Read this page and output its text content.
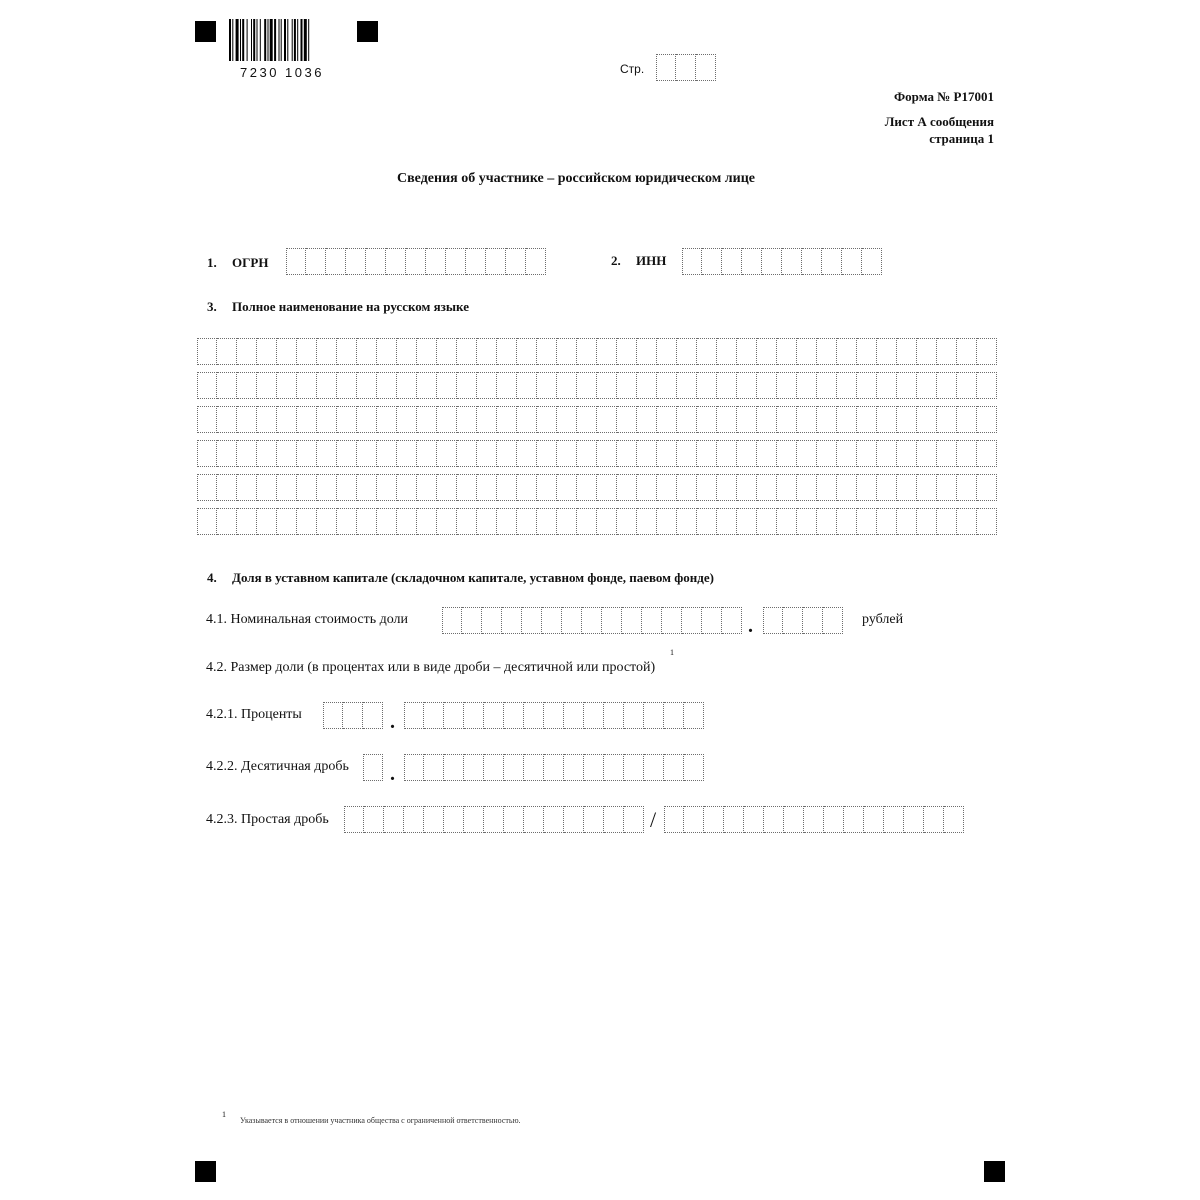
7230 1036	Стр.
Форма № Р17001
Лист А сообщения
страница 1
Сведения об участнике – российском юридическом лице
1. ОГРН	2. ИНН
3. Полное наименование на русском языке
4. Доля в уставном капитале (складочном капитале, уставном фонде, паевом фонде)
4.1. Номинальная стоимость доли	.	рублей
4.2. Размер доли (в процентах или в виде дроби – десятичной или простой)
1
4.2.1. Проценты	.
4.2.2. Десятичная дробь .
4.2.3. Простая дробь	/
1
Указывается в отношении участника общества с ограниченной ответственностью.
